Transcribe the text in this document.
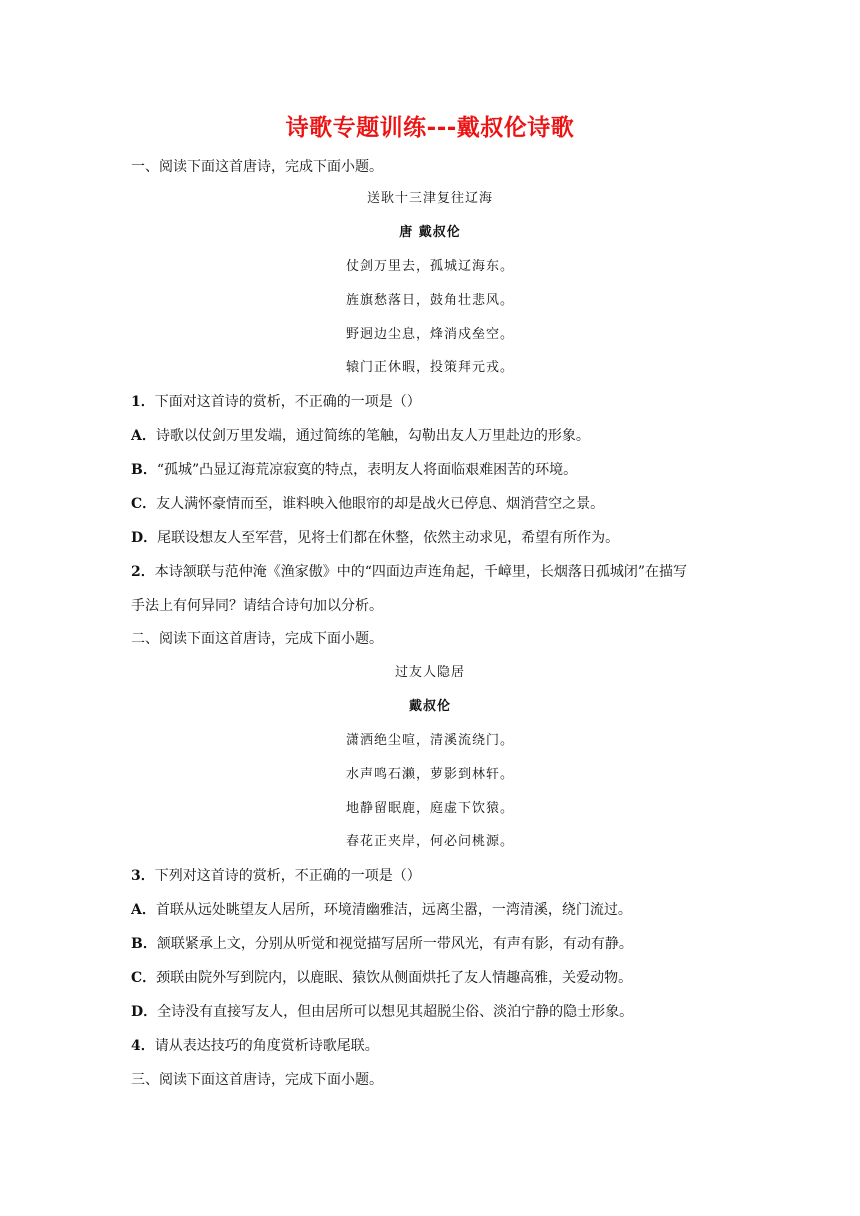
诗歌专题训练---戴叔伦诗歌
一、阅读下面这首唐诗，完成下面小题。
送耿十三津复往辽海
唐 戴叔伦
仗剑万里去，孤城辽海东。
旌旗愁落日，鼓角壮悲风。
野迥边尘息，烽消戍垒空。
辕门正休暇，投策拜元戎。
1．下面对这首诗的赏析，不正确的一项是（）
A．诗歌以仗剑万里发端，通过简练的笔触，勾勒出友人万里赴边的形象。
B．“孤城”凸显辽海荒凉寂寞的特点，表明友人将面临艰难困苦的环境。
C．友人满怀豪情而至，谁料映入他眼帘的却是战火已停息、烟消营空之景。
D．尾联设想友人至军营，见将士们都在休整，依然主动求见，希望有所作为。
2．本诗颔联与范仲淹《渔家傲》中的“四面边声连角起，千嶂里，长烟落日孤城闭”在描写
手法上有何异同？请结合诗句加以分析。
二、阅读下面这首唐诗，完成下面小题。
过友人隐居
戴叔伦
潇洒绝尘喧，清溪流绕门。
水声鸣石濑，萝影到林轩。
地静留眠鹿，庭虚下饮猿。
春花正夹岸，何必问桃源。
3．下列对这首诗的赏析，不正确的一项是（）
A．首联从远处眺望友人居所，环境清幽雅洁，远离尘嚣，一湾清溪，绕门流过。
B．颔联紧承上文，分别从听觉和视觉描写居所一带风光，有声有影，有动有静。
C．颈联由院外写到院内，以鹿眠、猿饮从侧面烘托了友人情趣高雅，关爱动物。
D．全诗没有直接写友人，但由居所可以想见其超脱尘俗、淡泊宁静的隐士形象。
4．请从表达技巧的角度赏析诗歌尾联。
三、阅读下面这首唐诗，完成下面小题。
